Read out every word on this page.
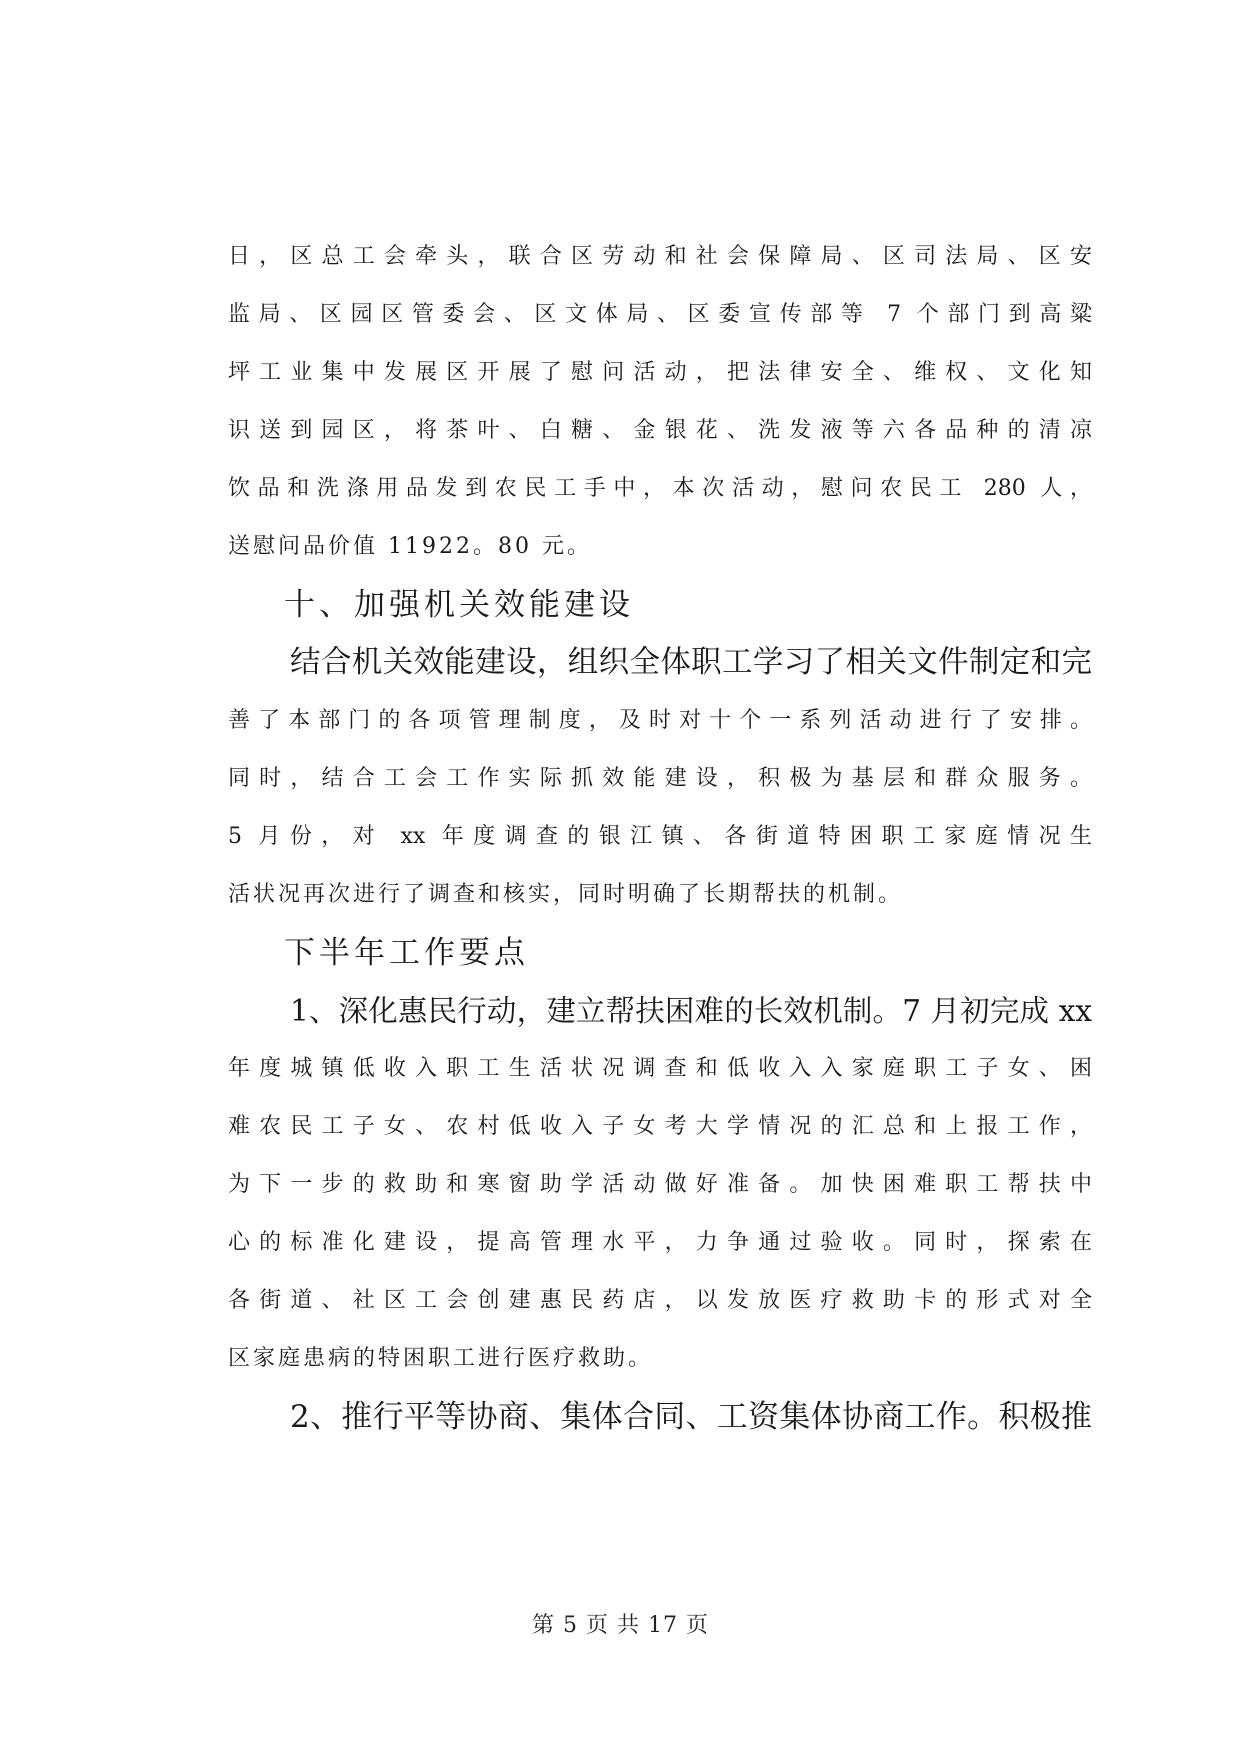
日，区总工会牵头，联合区劳动和社会保障局、区司法局、区安
监局、区园区管委会、区文体局、区委宣传部等 7 个部门到高粱
坪工业集中发展区开展了慰问活动，把法律安全、维权、文化知
识送到园区，将茶叶、白糖、金银花、洗发液等六各品种的清凉
饮品和洗涤用品发到农民工手中，本次活动，慰问农民工 280 人，
送慰问品价值 11922。80 元。
十、加强机关效能建设
结合机关效能建设，组织全体职工学习了相关文件制定和完
善了本部门的各项管理制度，及时对十个一系列活动进行了安排。
同时，结合工会工作实际抓效能建设，积极为基层和群众服务。
5 月份，对 xx 年度调查的银江镇、各街道特困职工家庭情况生
活状况再次进行了调查和核实，同时明确了长期帮扶的机制。
下半年工作要点
1、深化惠民行动，建立帮扶困难的长效机制。7 月初完成 xx
年度城镇低收入职工生活状况调查和低收入入家庭职工子女、困
难农民工子女、农村低收入子女考大学情况的汇总和上报工作，
为下一步的救助和寒窗助学活动做好准备。加快困难职工帮扶中
心的标准化建设，提高管理水平，力争通过验收。同时，探索在
各街道、社区工会创建惠民药店，以发放医疗救助卡的形式对全
区家庭患病的特困职工进行医疗救助。
2、推行平等协商、集体合同、工资集体协商工作。积极推
第 5 页 共 17 页
